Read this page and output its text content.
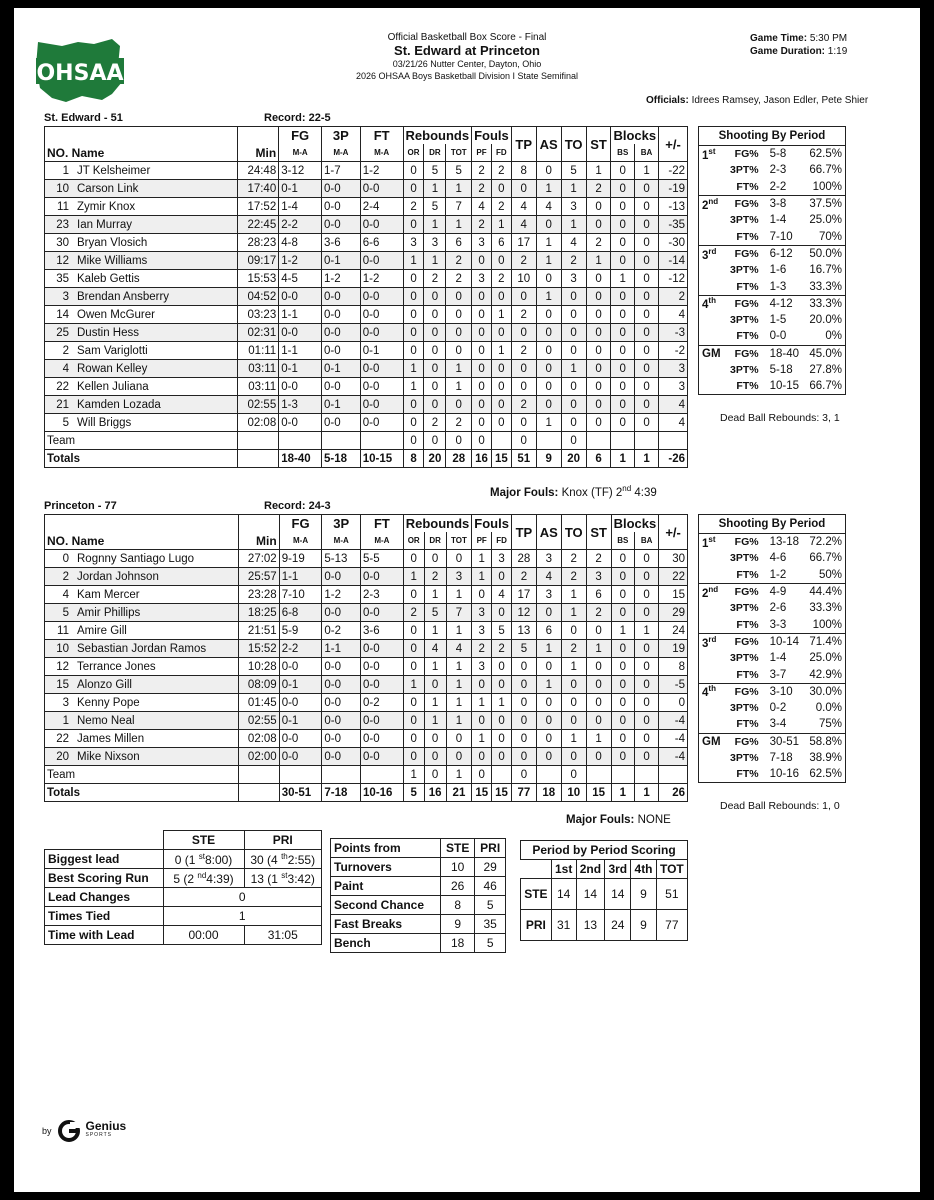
OHSAA
Official Basketball Box Score - Final
St. Edward at Princeton
03/21/26 Nutter Center, Dayton, Ohio
2026 OHSAA Boys Basketball Division I State Semifinal
Game Time: 5:30 PM
Game Duration: 1:19
Officials: Idrees Ramsey, Jason Edler, Pete Shier
St. Edward - 51	Record: 22-5
		FG	3P	FT	Rebounds			Fouls		TP	AS	TO	ST	Blocks		+/-
NO. Name	Min	M-A	M-A	M-A	OR	DR	TOT	PF	FD					BS	BA	
1 JT Kelsheimer	24:48	3-12	1-7	1-2	0	5	5	2	2	8	0	5	1	0	1	-22
10 Carson Link	17:40	0-1	0-0	0-0	0	1	1	2	0	0	1	1	2	0	0	-19
11 Zymir Knox	17:52	1-4	0-0	2-4	2	5	7	4	2	4	4	3	0	0	0	-13
23 Ian Murray	22:45	2-2	0-0	0-0	0	1	1	2	1	4	0	1	0	0	0	-35
30 Bryan Vlosich	28:23	4-8	3-6	6-6	3	3	6	3	6	17	1	4	2	0	0	-30
12 Mike Williams	09:17	1-2	0-1	0-0	1	1	2	0	0	2	1	2	1	0	0	-14
35 Kaleb Gettis	15:53	4-5	1-2	1-2	0	2	2	3	2	10	0	3	0	1	0	-12
3 Brendan Ansberry	04:52	0-0	0-0	0-0	0	0	0	0	0	0	1	0	0	0	0	2
14 Owen McGurer	03:23	1-1	0-0	0-0	0	0	0	0	1	2	0	0	0	0	0	4
25 Dustin Hess	02:31	0-0	0-0	0-0	0	0	0	0	0	0	0	0	0	0	0	-3
2 Sam Variglotti	01:11	1-1	0-0	0-1	0	0	0	0	1	2	0	0	0	0	0	-2
4 Rowan Kelley	03:11	0-1	0-1	0-0	1	0	1	0	0	0	0	1	0	0	0	3
22 Kellen Juliana	03:11	0-0	0-0	0-0	1	0	1	0	0	0	0	0	0	0	0	3
21 Kamden Lozada	02:55	1-3	0-1	0-0	0	0	0	0	0	2	0	0	0	0	0	4
5 Will Briggs	02:08	0-0	0-0	0-0	0	2	2	0	0	0	1	0	0	0	0	4
Team					0	0	0	0		0		0				
Totals		18-40	5-18	10-15	8	20	28	16	15	51	9	20	6	1	1	-26
Shooting By Period			
1st	FG%	5-8	62.5%
	3PT%	2-3	66.7%
	FT%	2-2	100%
2nd	FG%	3-8	37.5%
	3PT%	1-4	25.0%
	FT%	7-10	70%
3rd	FG%	6-12	50.0%
	3PT%	1-6	16.7%
	FT%	1-3	33.3%
4th	FG%	4-12	33.3%
	3PT%	1-5	20.0%
	FT%	0-0	0%
GM	FG%	18-40	45.0%
	3PT%	5-18	27.8%
	FT%	10-15	66.7%
Dead Ball Rebounds: 3, 1
Major Fouls: Knox (TF) 2nd 4:39
Princeton - 77	Record: 24-3
		FG	3P	FT	Rebounds			Fouls		TP	AS	TO	ST	Blocks		+/-
NO. Name	Min	M-A	M-A	M-A	OR	DR	TOT	PF	FD					BS	BA	
0 Rognny Santiago Lugo	27:02	9-19	5-13	5-5	0	0	0	1	3	28	3	2	2	0	0	30
2 Jordan Johnson	25:57	1-1	0-0	0-0	1	2	3	1	0	2	4	2	3	0	0	22
4 Kam Mercer	23:28	7-10	1-2	2-3	0	1	1	0	4	17	3	1	6	0	0	15
5 Amir Phillips	18:25	6-8	0-0	0-0	2	5	7	3	0	12	0	1	2	0	0	29
11 Amire Gill	21:51	5-9	0-2	3-6	0	1	1	3	5	13	6	0	0	1	1	24
10 Sebastian Jordan Ramos	15:52	2-2	1-1	0-0	0	4	4	2	2	5	1	2	1	0	0	19
12 Terrance Jones	10:28	0-0	0-0	0-0	0	1	1	3	0	0	0	1	0	0	0	8
15 Alonzo Gill	08:09	0-1	0-0	0-0	1	0	1	0	0	0	1	0	0	0	0	-5
3 Kenny Pope	01:45	0-0	0-0	0-2	0	1	1	1	1	0	0	0	0	0	0	0
1 Nemo Neal	02:55	0-1	0-0	0-0	0	1	1	0	0	0	0	0	0	0	0	-4
22 James Millen	02:08	0-0	0-0	0-0	0	0	0	1	0	0	0	1	1	0	0	-4
20 Mike Nixson	02:00	0-0	0-0	0-0	0	0	0	0	0	0	0	0	0	0	0	-4
Team					1	0	1	0		0		0				
Totals		30-51	7-18	10-16	5	16	21	15	15	77	18	10	15	1	1	26
Shooting By Period			
1st	FG%	13-18	72.2%
	3PT%	4-6	66.7%
	FT%	1-2	50%
2nd	FG%	4-9	44.4%
	3PT%	2-6	33.3%
	FT%	3-3	100%
3rd	FG%	10-14	71.4%
	3PT%	1-4	25.0%
	FT%	3-7	42.9%
4th	FG%	3-10	30.0%
	3PT%	0-2	0.0%
	FT%	3-4	75%
GM	FG%	30-51	58.8%
	3PT%	7-18	38.9%
	FT%	10-16	62.5%
Dead Ball Rebounds: 1, 0
Major Fouls: NONE
	STE	PRI
Biggest lead	0 (1 $^{st}$8:00)	30 (4 $^{th}$2:55)
Best Scoring Run	5 (2 $^{nd}$4:39)	13 (1 $^{st}$3:42)
Lead Changes	0	
Times Tied	1	
Time with Lead	00:00	31:05
Points from	STE	PRI
Turnovers	10	29
Paint	26	46
Second Chance	8	5
Fast Breaks	9	35
Bench	18	5
Period by Period Scoring					
	1st	2nd	3rd	4th	TOT
STE	14	14	14	9	51
PRI	31	13	24	9	77
by	Genius
SPORTS
